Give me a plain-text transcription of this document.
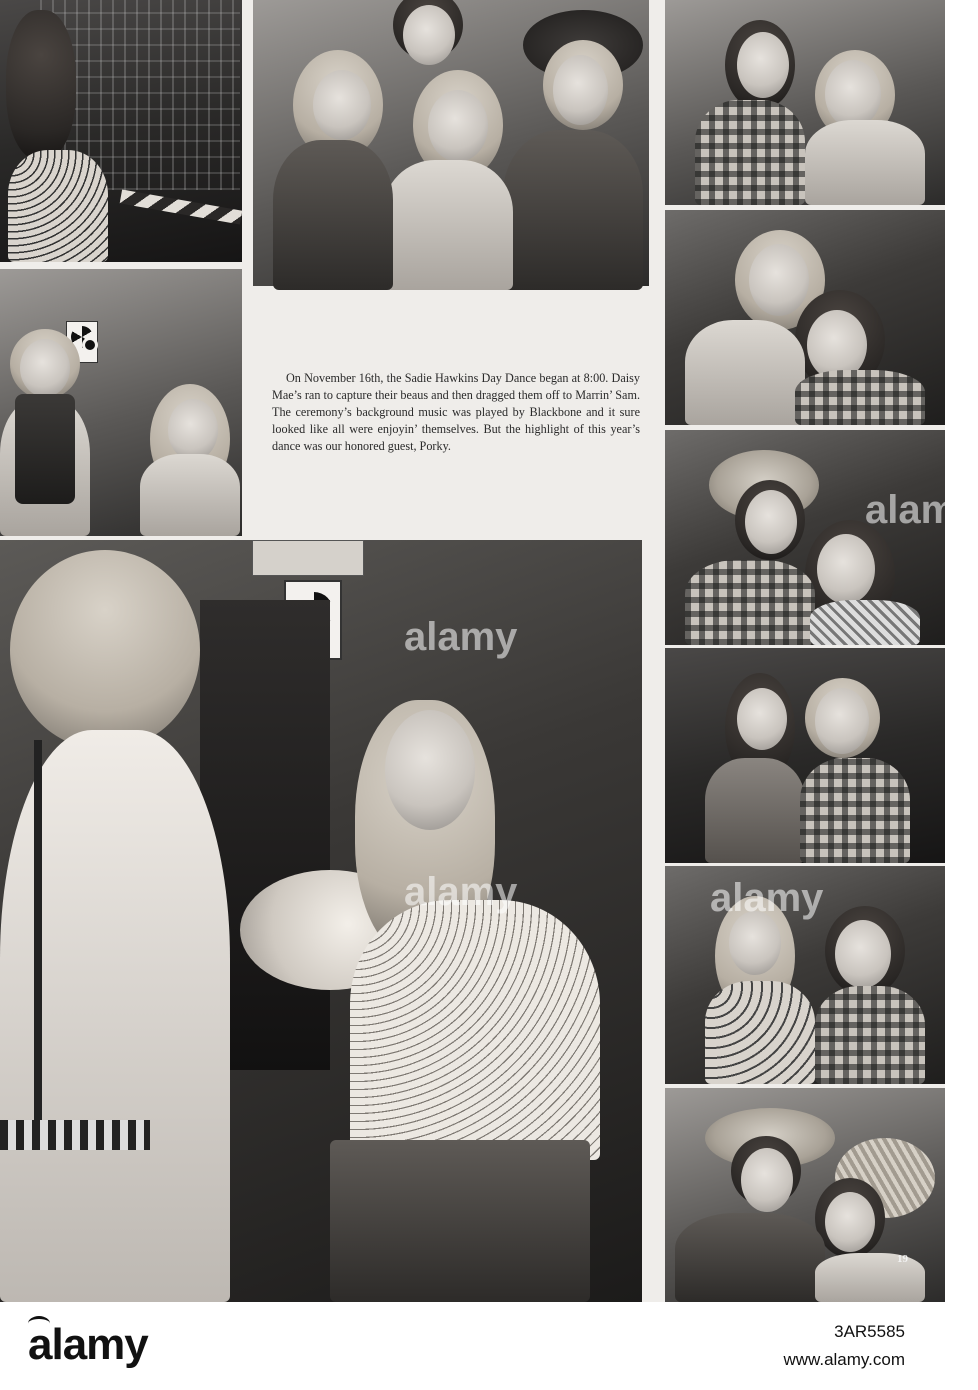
On November 16th, the Sadie Hawkins Day Dance began at 8:00. Daisy Mae’s ran to capture their beaus and then dragged them off to Marrin’ Sam. The ceremony’s background music was played by Blackbone and it sure looked like all were enjoyin’ themselves. But the highlight of this year’s dance was our honored guest, Porky.

19
alamy
alamy
alamy
alamy
alamy	3AR5585
www.alamy.com
